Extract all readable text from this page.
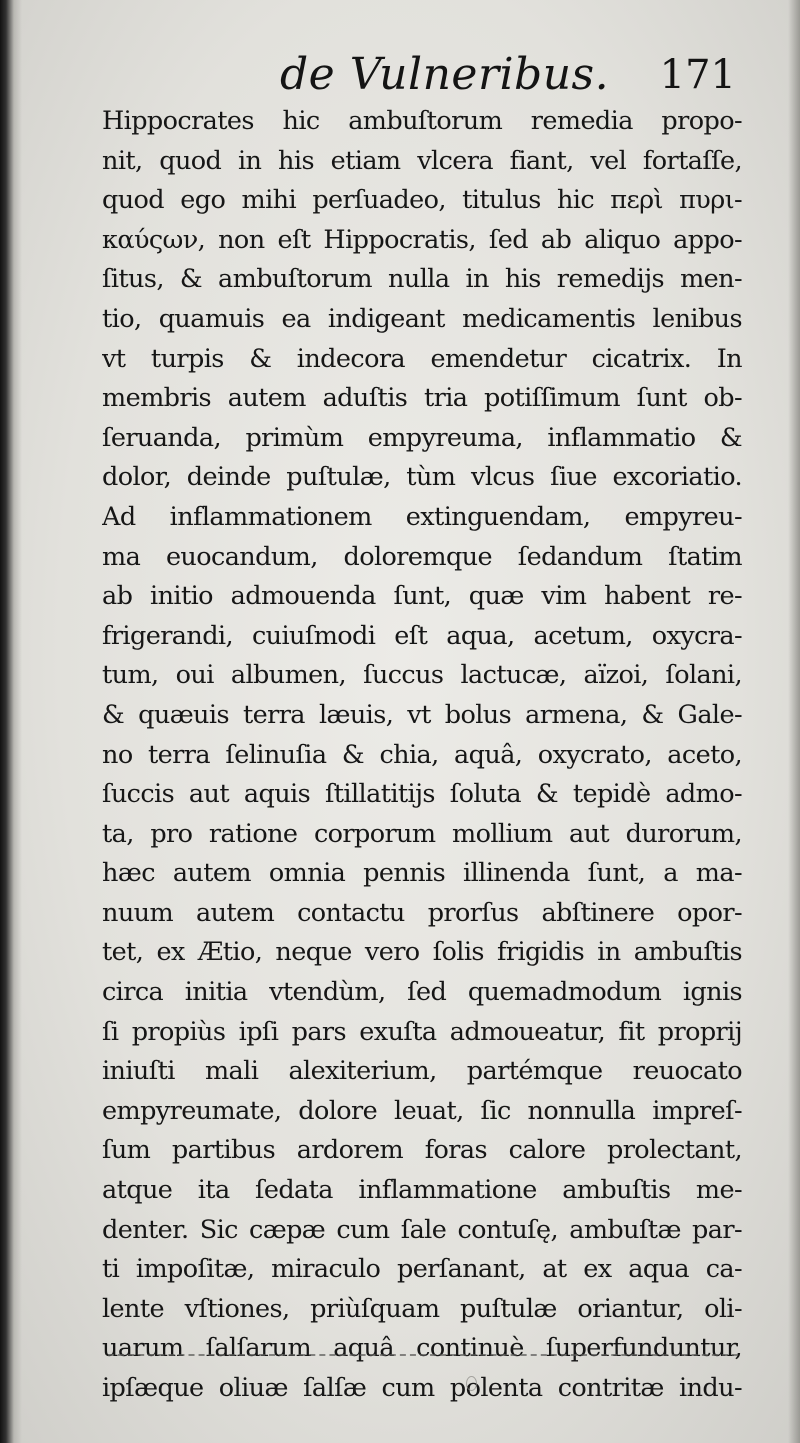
de Vulneribus. 171
Hippocrates hic ambuſtorum remedia propo-
nit, quod in his etiam vlcera fiant, vel fortaſſe,
quod ego mihi perſuadeo, titulus hic περὶ πυρι-
καύςων, non eſt Hippocratis, ſed ab aliquo appo-
ſitus, & ambuſtorum nulla in his remedijs men-
tio, quamuis ea indigeant medicamentis lenibus
vt turpis & indecora emendetur cicatrix. In
membris autem aduſtis tria potiſſimum ſunt ob-
ſeruanda, primùm empyreuma, inflammatio &
dolor, deinde puſtulæ, tùm vlcus ſiue excoriatio.
Ad inflammationem extinguendam, empyreu-
ma euocandum, doloremque ſedandum ſtatim
ab initio admouenda ſunt, quæ vim habent re-
frigerandi, cuiuſmodi eſt aqua, acetum, oxycra-
tum, oui albumen, ſuccus lactucæ, aïzoi, ſolani,
& quæuis terra læuis, vt bolus armena, & Gale-
no terra ſelinuſia & chia, aquâ, oxycrato, aceto,
ſuccis aut aquis ſtillatitijs ſoluta & tepidè admo-
ta, pro ratione corporum mollium aut durorum,
hæc autem omnia pennis illinenda ſunt, a ma-
nuum autem contactu prorſus abſtinere opor-
tet, ex Ætio, neque vero ſolis frigidis in ambuſtis
circa initia vtendùm, ſed quemadmodum ignis
ſi propiùs ipſi pars exuſta admoueatur, fit proprij
iniuſti mali alexiterium, partémque reuocato
empyreumate, dolore leuat, ſic nonnulla impreſ-
ſum partibus ardorem foras calore prolectant,
atque ita ſedata inflammatione ambuſtis me-
denter. Sic cæpæ cum ſale contuſę, ambuſtæ par-
ti impoſitæ, miraculo perſanant, at ex aqua ca-
lente vſtiones, priùſquam puſtulæ oriantur, oli-
uarum ſalſarum aquâ continuè ſuperfunduntur,
ipſæque oliuæ ſalſæ cum polenta contritæ indu-
